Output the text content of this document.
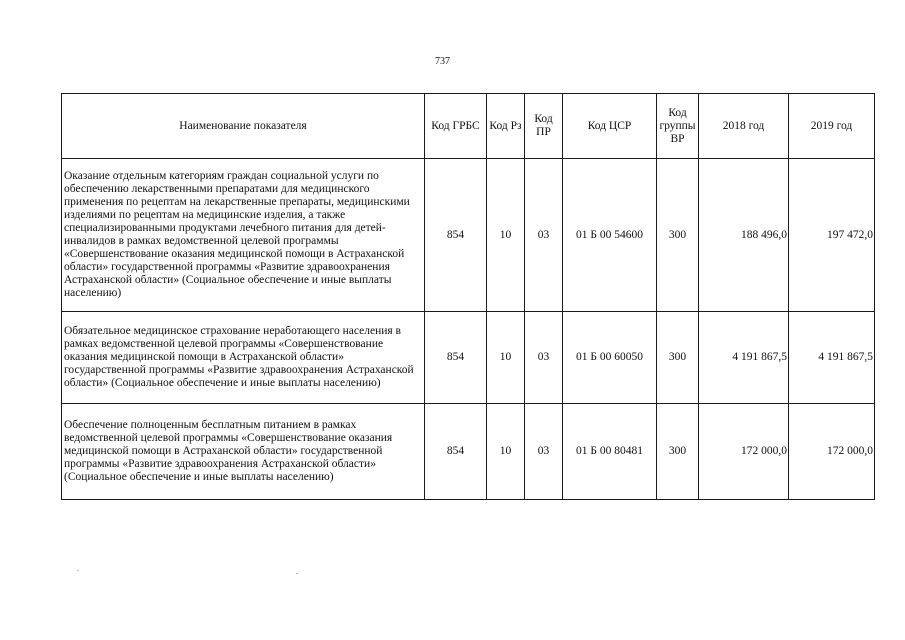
737
Наименование показателя	Код ГРБС	Код Рз	Код ПР	Код ЦСР	Код группы ВР	2018 год	2019 год
Оказание отдельным категориям граждан социальной услуги по обеспечению лекарственными препаратами для медицинского применения по рецептам на лекарственные препараты, медицинскими изделиями по рецептам на медицинские изделия, а также специализированными продуктами лечебного питания для детей-инвалидов в рамках ведомственной целевой программы «Совершенствование оказания медицинской помощи в Астраханской области» государственной программы «Развитие здравоохранения Астраханской области» (Социальное обеспечение и иные выплаты населению)	854	10	03	01 Б 00 54600	300	188 496,0	197 472,0
Обязательное медицинское страхование неработающего населения в рамках ведомственной целевой программы «Совершенствование оказания медицинской помощи в Астраханской области» государственной программы «Развитие здравоохранения Астраханской области» (Социальное обеспечение и иные выплаты населению)	854	10	03	01 Б 00 60050	300	4 191 867,5	4 191 867,5
Обеспечение полноценным бесплатным питанием в рамках ведомственной целевой программы «Совершенствование оказания медицинской помощи в Астраханской области» государственной программы «Развитие здравоохранения Астраханской области» (Социальное обеспечение и иные выплаты населению)	854	10	03	01 Б 00 80481	300	172 000,0	172 000,0
